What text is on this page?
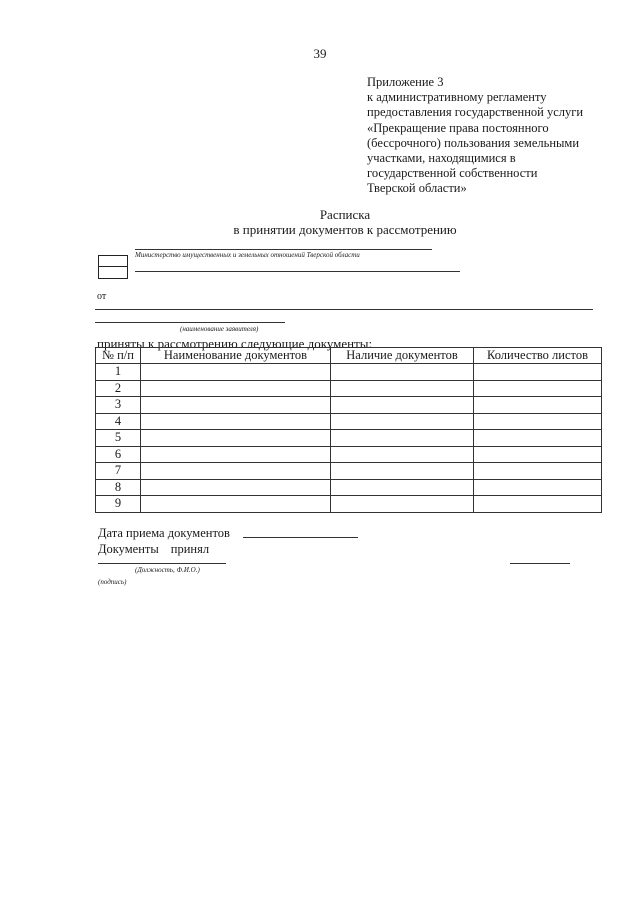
39
Приложение 3
к административному регламенту
предоставления государственной услуги
«Прекращение права постоянного
(бессрочного) пользования земельными
участками, находящимися в
государственной собственности
Тверской области»
Расписка
в принятии документов к рассмотрению
Министерство имущественных и земельных отношений Тверской области
от
(наименование заявителя)
приняты к рассмотрению следующие документы:
№ п/п	Наименование документов	Наличие документов	Количество листов
1			
2			
3			
4			
5			
6			
7			
8			
9			
Дата приема документов
Документы принял
(Должность, Ф.И.О.)
(подпись)
